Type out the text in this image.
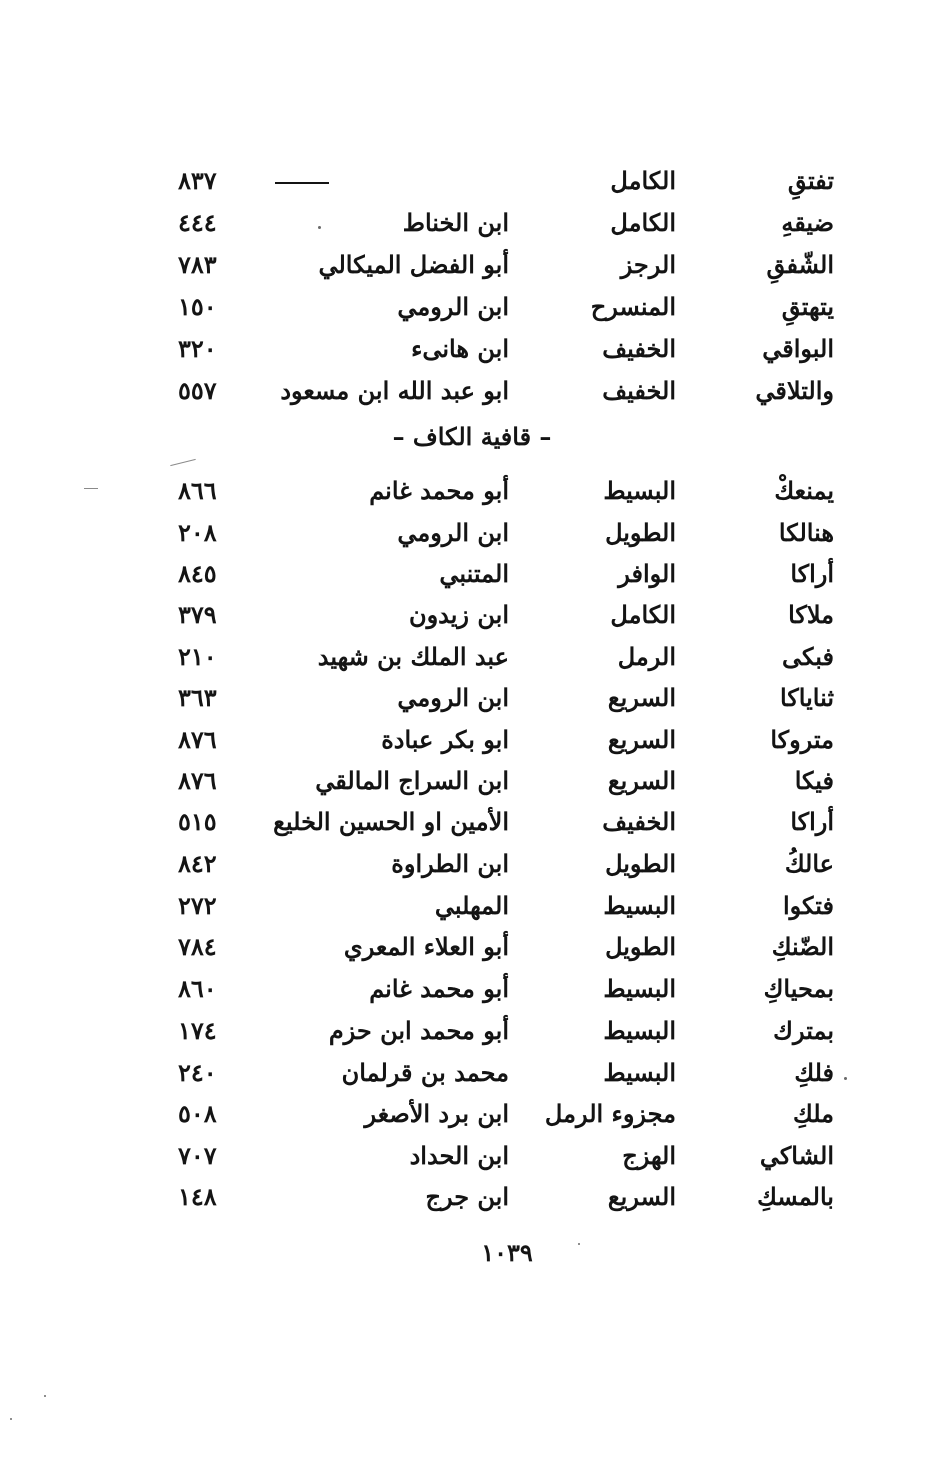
تفتقِ
الكامل
٨٣٧
ضيقهِ
الكامل
ابن الخناط
٤٤٤
الشّفقِ
الرجز
أبو الفضل الميكالي
٧٨٣
يتهتقِ
المنسرح
ابن الرومي
١٥٠
البواقي
الخفيف
ابن هانىء
٣٢٠
والتلاقي
الخفيف
ابو عبد الله ابن مسعود
٥٥٧
– قافية الكاف –
يمنعكْ
البسيط
أبو محمد غانم
٨٦٦
هنالكا
الطويل
ابن الرومي
٢٠٨
أراكا
الوافر
المتنبي
٨٤٥
ملاكا
الكامل
ابن زيدون
٣٧٩
فبكى
الرمل
عبد الملك بن شهيد
٢١٠
ثناياكا
السريع
ابن الرومي
٣٦٣
متروكا
السريع
ابو بكر عبادة
٨٧٦
فيكا
السريع
ابن السراج المالقي
٨٧٦
أراكا
الخفيف
الأمين او الحسين الخليع
٥١٥
عالكُ
الطويل
ابن الطراوة
٨٤٢
فتكوا
البسيط
المهلبي
٢٧٢
الضّنكِ
الطويل
أبو العلاء المعري
٧٨٤
بمحياكِ
البسيط
أبو محمد غانم
٨٦٠
بمترك
البسيط
أبو محمد ابن حزم
١٧٤
فلكِ
البسيط
محمد بن قرلمان
٢٤٠
ملكِ
مجزوء الرمل
ابن برد الأصغر
٥٠٨
الشاكي
الهزج
ابن الحداد
٧٠٧
بالمسكِ
السريع
ابن جرج
١٤٨
١٠٣٩
